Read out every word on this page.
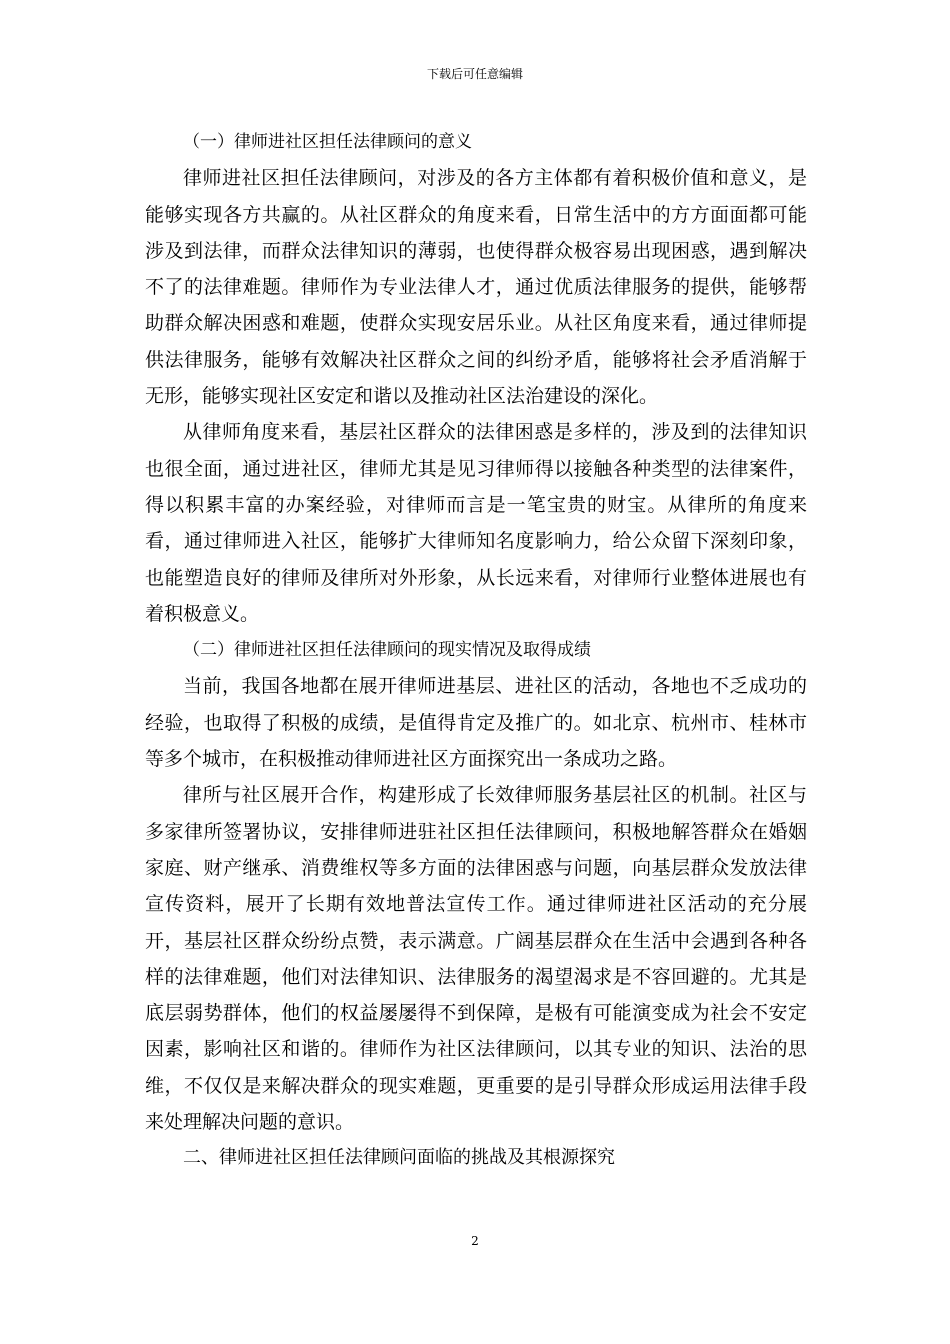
下载后可任意编辑

（一）律师进社区担任法律顾问的意义

律师进社区担任法律顾问，对涉及的各方主体都有着积极价值和意义，是能够实现各方共赢的。从社区群众的角度来看，日常生活中的方方面面都可能涉及到法律，而群众法律知识的薄弱，也使得群众极容易出现困惑，遇到解决不了的法律难题。律师作为专业法律人才，通过优质法律服务的提供，能够帮助群众解决困惑和难题，使群众实现安居乐业。从社区角度来看，通过律师提供法律服务，能够有效解决社区群众之间的纠纷矛盾，能够将社会矛盾消解于无形，能够实现社区安定和谐以及推动社区法治建设的深化。

从律师角度来看，基层社区群众的法律困惑是多样的，涉及到的法律知识也很全面，通过进社区，律师尤其是见习律师得以接触各种类型的法律案件，得以积累丰富的办案经验，对律师而言是一笔宝贵的财宝。从律所的角度来看，通过律师进入社区，能够扩大律师知名度影响力，给公众留下深刻印象，也能塑造良好的律师及律所对外形象，从长远来看，对律师行业整体进展也有着积极意义。

（二）律师进社区担任法律顾问的现实情况及取得成绩

当前，我国各地都在展开律师进基层、进社区的活动，各地也不乏成功的经验，也取得了积极的成绩，是值得肯定及推广的。如北京、杭州市、桂林市等多个城市，在积极推动律师进社区方面探究出一条成功之路。

律所与社区展开合作，构建形成了长效律师服务基层社区的机制。社区与多家律所签署协议，安排律师进驻社区担任法律顾问，积极地解答群众在婚姻家庭、财产继承、消费维权等多方面的法律困惑与问题，向基层群众发放法律宣传资料，展开了长期有效地普法宣传工作。通过律师进社区活动的充分展开，基层社区群众纷纷点赞，表示满意。广阔基层群众在生活中会遇到各种各样的法律难题，他们对法律知识、法律服务的渴望渴求是不容回避的。尤其是底层弱势群体，他们的权益屡屡得不到保障，是极有可能演变成为社会不安定因素，影响社区和谐的。律师作为社区法律顾问，以其专业的知识、法治的思维，不仅仅是来解决群众的现实难题，更重要的是引导群众形成运用法律手段来处理解决问题的意识。

二、律师进社区担任法律顾问面临的挑战及其根源探究

2
